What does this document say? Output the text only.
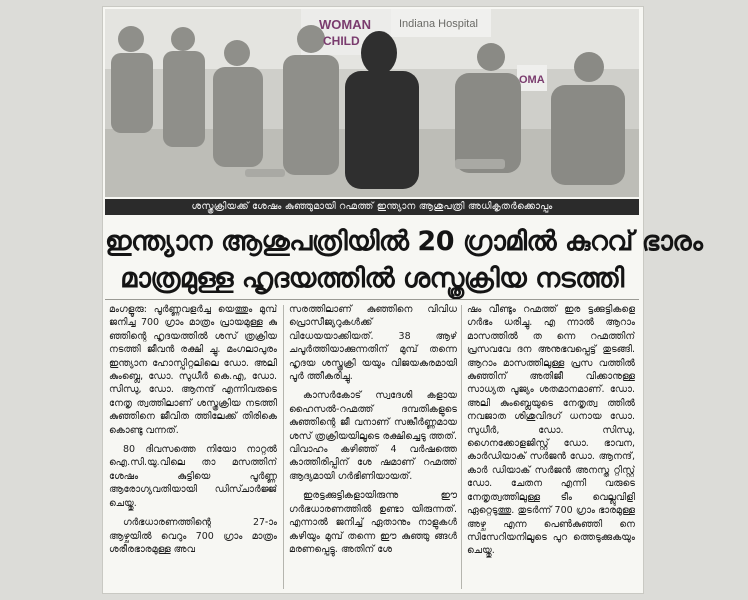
WOMAN
CHILD
Indiana Hospital
OMA
ശസ്ത്രക്രിയക്ക് ശേഷം കുഞ്ഞുമായി റഹ്മത്ത് ഇന്ത്യാന ആശുപത്രി അധികൃതർക്കൊപ്പം
ഇന്ത്യാന ആശുപത്രിയിൽ 20 ഗ്രാമിൽ കുറവ് ഭാരം
മാത്രമുള്ള ഹൃദയത്തിൽ ശസ്ത്രക്രിയ നടത്തി

മംഗളൂരു: പൂർണ്ണവളർച്ച യെത്തും മുമ്പ് ജനിച്ച 700 ഗ്രാം മാത്രം പ്രായമുള്ള കു ഞ്ഞിന്റെ ഹൃദയത്തിൽ ശസ് ത്രക്രിയ നടത്തി ജീവൻ രക്ഷി ച്ചു. മംഗലാപുരം ഇന്ത്യാന ഹോസ്പിറ്റലിലെ ഡോ. അലി കുംബ്ലെ, ഡോ. സുധീർ കെ.എ, ഡോ. സിന്ധു, ഡോ. ആനന്ദ് എന്നിവരുടെ നേതൃ ത്വത്തിലാണ് ശസ്ത്രക്രിയ നടത്തി കുഞ്ഞിനെ ജീവിത ത്തിലേക്ക് തിരികെ കൊണ്ടു വന്നത്.

80 ദിവസത്തെ നിയോ നാറ്റൽ ഐ.സി.യു.വിലെ താ മസത്തിന് ശേഷം കുട്ടിയെ പൂർണ്ണ ആരോഗ്യവതിയായി ഡിസ്ചാർജ്ജ് ചെയ്തു.

ഗർഭധാരണത്തിന്റെ 27-ാം ആഴ്ചയിൽ വെറും 700 ഗ്രാം മാത്രം ശരീരഭാരമുള്ള അവ

സരത്തിലാണ് കുഞ്ഞിനെ വിവിധ പ്രൊസീജ്യറുകൾക്ക് വിധേയയാക്കിയത്. 38 ആഴ് ചപൂർത്തിയാക്കുന്നതിന് മുമ്പ് തന്നെ ഹൃദയ ശസ്ത്രക്രി യയും വിജയകരമായി പൂർ ത്തീകരിച്ചു.

കാസർകോട് സ്വദേശി കളായ ഹൈസൽ-റഹ്മത്ത് ദമ്പതികളുടെ കുഞ്ഞിന്റെ ജീ വനാണ് സങ്കീർണ്ണമായ ശസ് ത്രക്രിയയിലൂടെ രക്ഷിച്ചെടു ത്തത്. വിവാഹം കഴിഞ്ഞ് 4 വർഷത്തെ കാത്തിരിപ്പിന് ശേ ഷമാണ് റഹ്മത്ത് ആദ്യമായി ഗർഭിണിയായത്.

ഇരട്ടക്കുട്ടികളായിരുന്നു ഈ ഗർഭധാരണത്തിൽ ഉണ്ടാ യിരുന്നത്. എന്നാൽ ജനിച്ച് ഏതാനും നാളുകൾ കഴിയും മുമ്പ് തന്നെ ഈ കുഞ്ഞു ങ്ങൾ മരണപ്പെട്ടു. അതിന് ശേ

ഷം വീണ്ടും റഹ്മത്ത് ഇര ട്ടക്കുട്ടികളെ ഗർഭം ധരിച്ചു. എ ന്നാൽ ആറാം മാസത്തിൽ ത ന്നെ റഹ്മത്തിന് പ്രസവവേ ദന അനുഭവപ്പെട്ട് തുടങ്ങി. ആറാം മാസത്തിലുള്ള പ്രസ വത്തിൽ കുഞ്ഞിന് അതിജീ വിക്കാനുള്ള സാധ്യത പൂജ്യം ശതമാനമാണ്. ഡോ. അലി കുംബ്ലെയുടെ നേതൃത്വ ത്തിൽ നവജാത ശിശുവിദഗ് ധനായ ഡോ. സുധീർ, ഡോ. സിന്ധു, ഗൈനക്കോളജിസ്റ്റ് ഡോ. ഭാവന, കാർഡിയാക് സർജൻ ഡോ. ആനന്ദ്, കാർ ഡിയാക് സർജൻ അനസ്ത റ്റിസ്റ്റ് ഡോ. ചേതന എന്നി വരുടെ നേതൃത്വത്തിലുള്ള ടീം വെല്ലുവിളി ഏറ്റെടുത്തു. തുടർന്ന് 700 ഗ്രാം ഭാരമുള്ള അഴ്ച എന്ന പെൺകുഞ്ഞി നെ സിസേറിയനിലൂടെ പുറ ത്തെടുക്കുകയും ചെയ്തു.
